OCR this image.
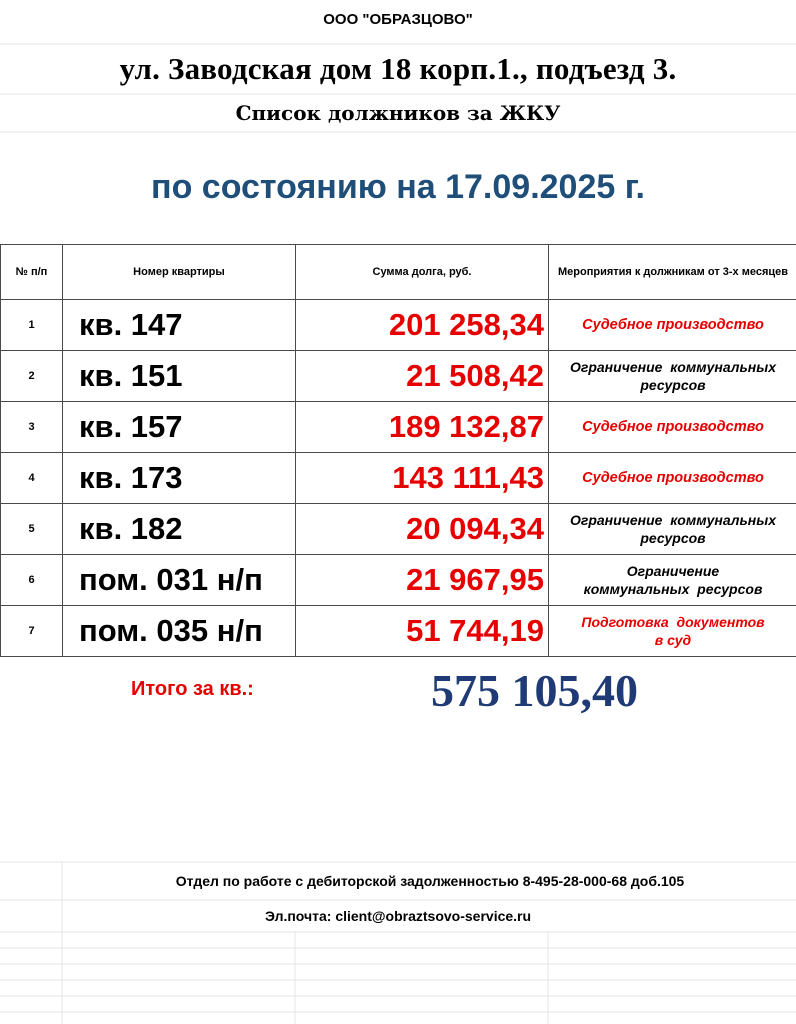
ООО "ОБРАЗЦОВО"
ул. Заводская дом 18 корп.1., подъезд 3.
Список должников за ЖКУ
по состоянию на 17.09.2025 г.
№ п/п	Номер квартиры	Сумма долга, руб.	Мероприятия к должникам от 3-х месяцев
1	кв. 147	201 258,34	Судебное производство

2	кв. 151	21 508,42	Ограничение  коммунальных
ресурсов

3	кв. 157	189 132,87	Судебное производство

4	кв. 173	143 111,43	Судебное производство

5	кв. 182	20 094,34	Ограничение  коммунальных
ресурсов

6	пом. 031 н/п	21 967,95	Ограничение
коммунальных  ресурсов

7	пом. 035 н/п	51 744,19	Подготовка  документов
в суд
Итого за кв.:	575 105,40
Отдел по работе с дебиторской задолженностью 8-495-28-000-68 доб.105
Эл.почта: client@obraztsovo-service.ru
